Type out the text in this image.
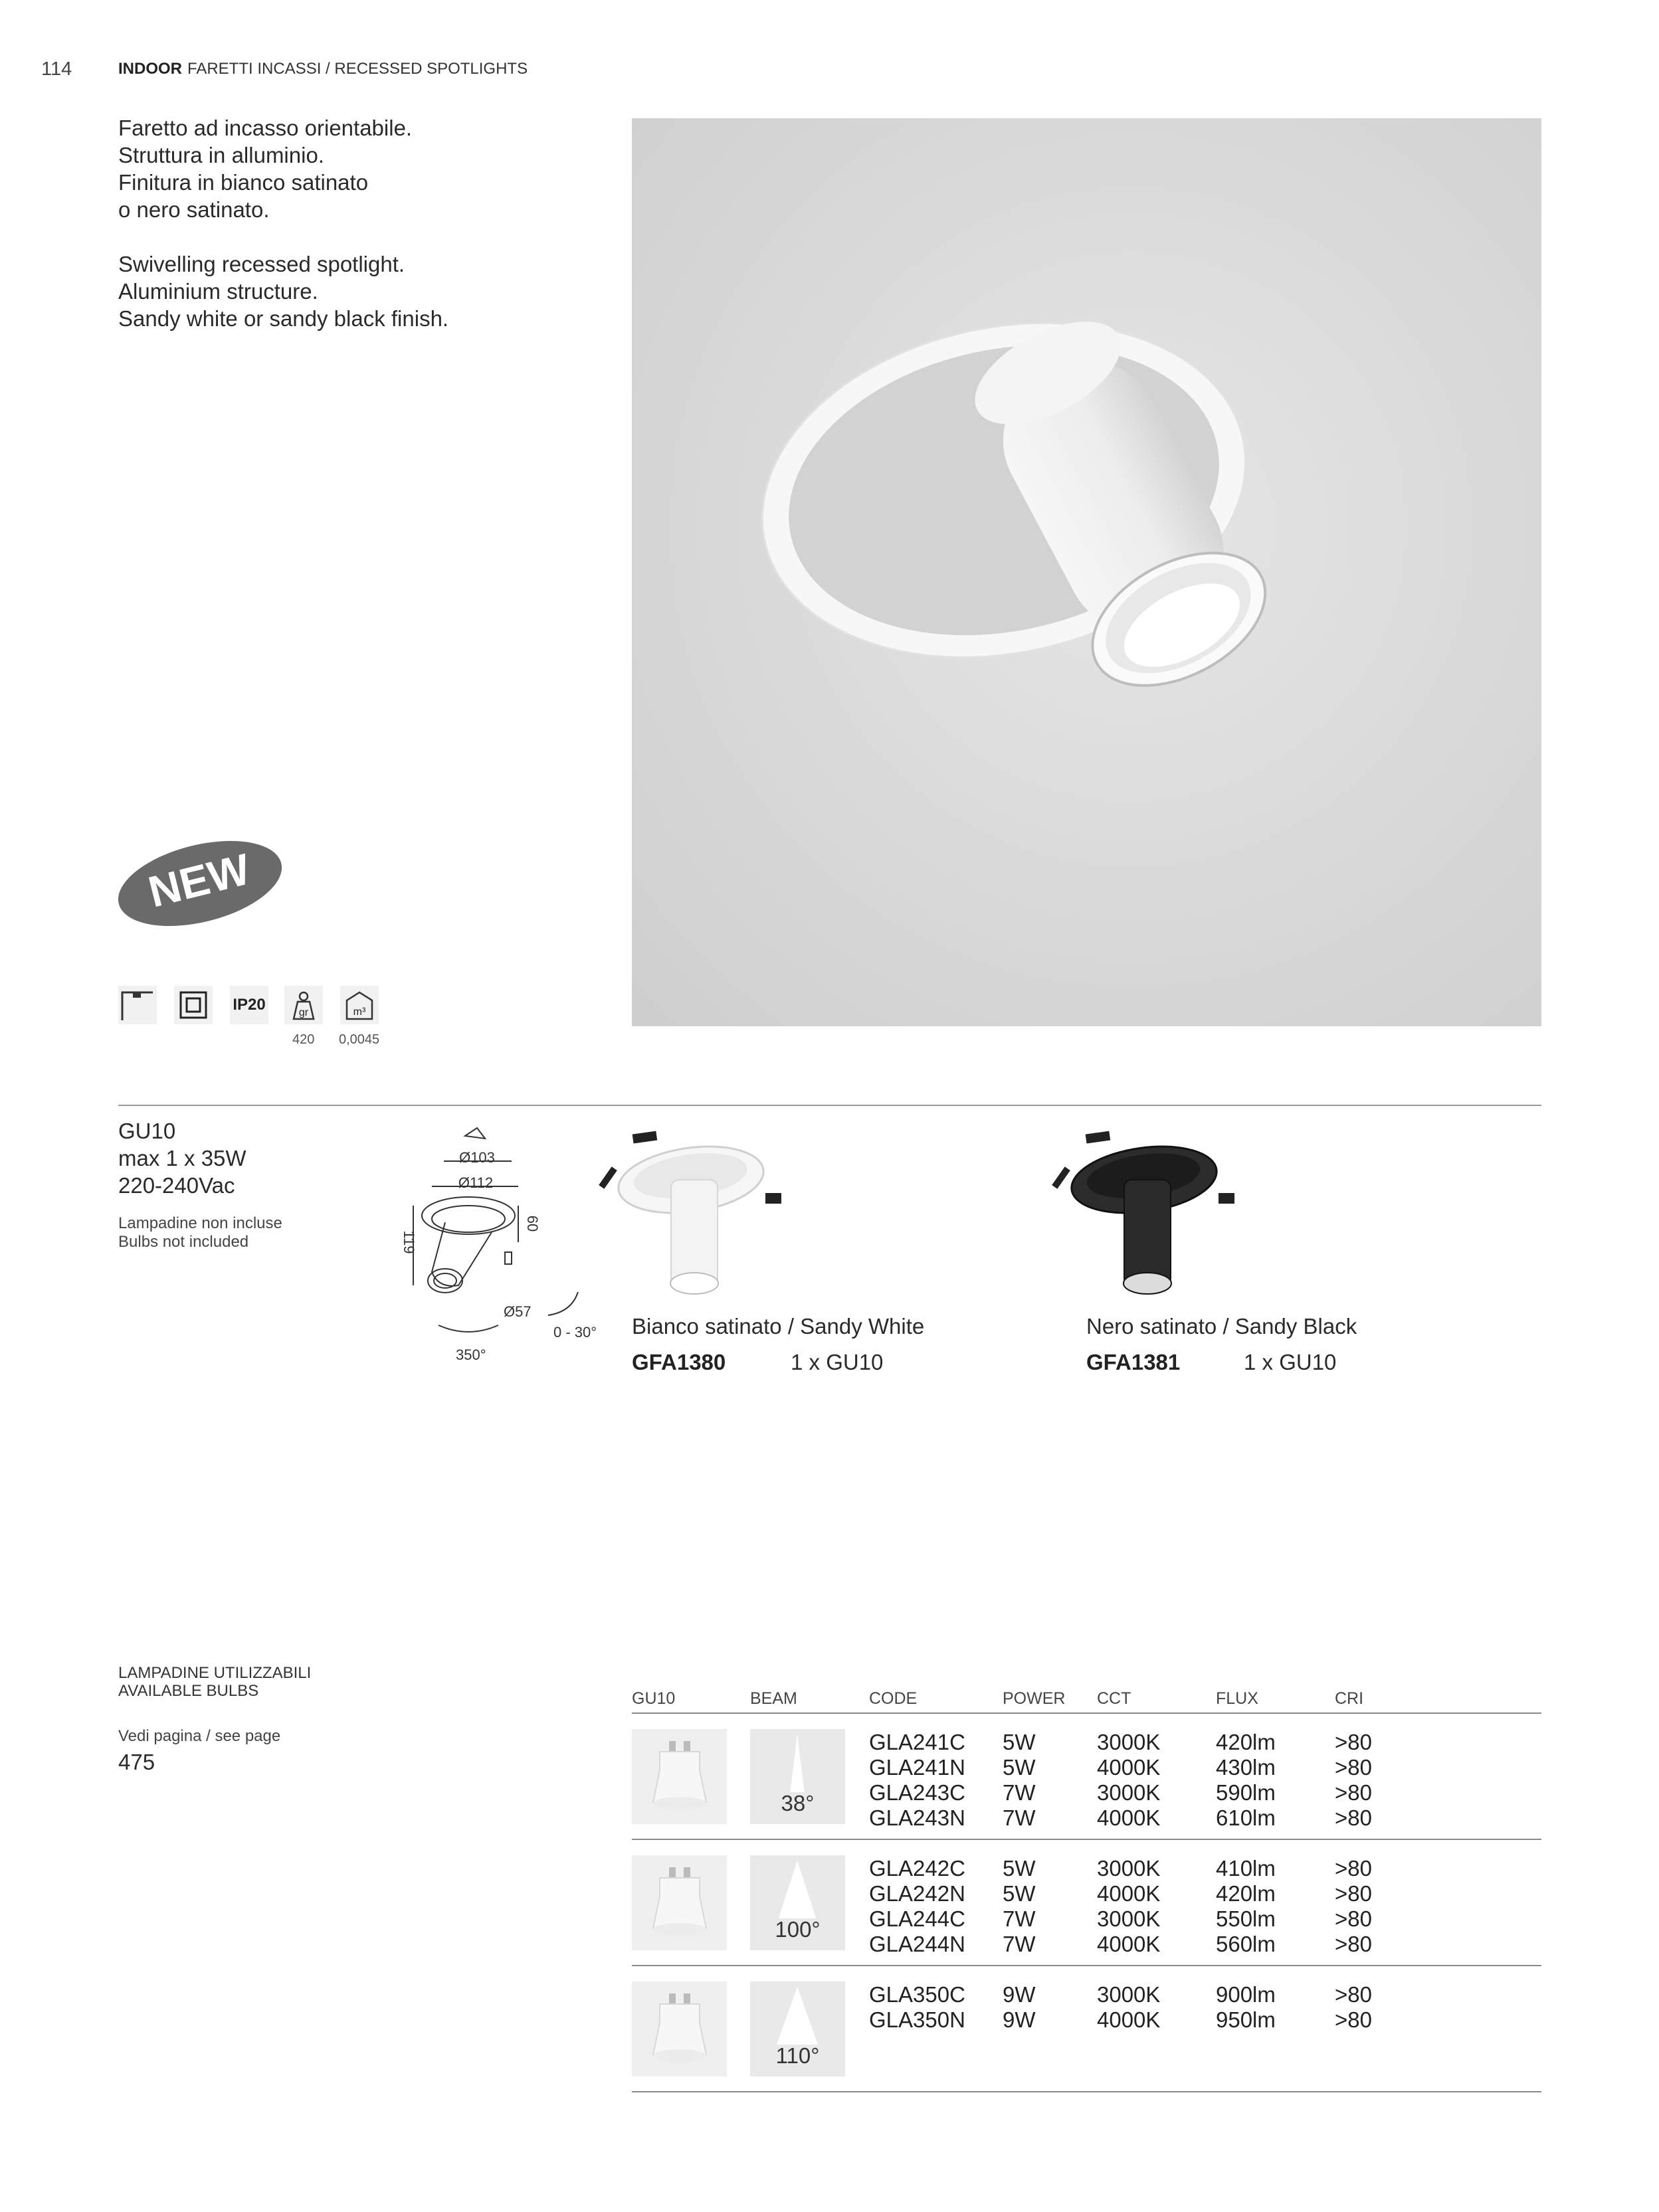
114	INDOOR FARETTI INCASSI / RECESSED SPOTLIGHTS

Faretto ad incasso orientabile.
Struttura in alluminio.
Finitura in bianco satinato
o nero satinato.

Swivelling recessed spotlight.
Aluminium structure.
Sandy white or sandy black finish.

NEW
IP20	gr	m³
420 0,0045
GU10
max 1 x 35W
220-240Vac
Lampadine non incluse
Bulbs not included
Ø103
Ø112
119
60
Ø57
0 - 30°
350°
Bianco satinato / Sandy White
GFA1380	1 x GU10
Nero satinato / Sandy Black
GFA1381	1 x GU10
LAMPADINE UTILIZZABILI
AVAILABLE BULBS
Vedi pagina / see page
475
GU10	BEAM	CODE	POWER CCT	FLUX	CRI
38°
GLA241C 5W	3000K	420lm	>80
GLA241N 5W	4000K	430lm	>80
GLA243C 7W	3000K	590lm	>80
GLA243N 7W	4000K	610lm	>80
100°
GLA242C 5W	3000K	410lm	>80
GLA242N 5W	4000K	420lm	>80
GLA244C 7W	3000K	550lm	>80
GLA244N 7W	4000K	560lm	>80
110°
GLA350C 9W	3000K	900lm	>80
GLA350N 9W	4000K	950lm	>80
